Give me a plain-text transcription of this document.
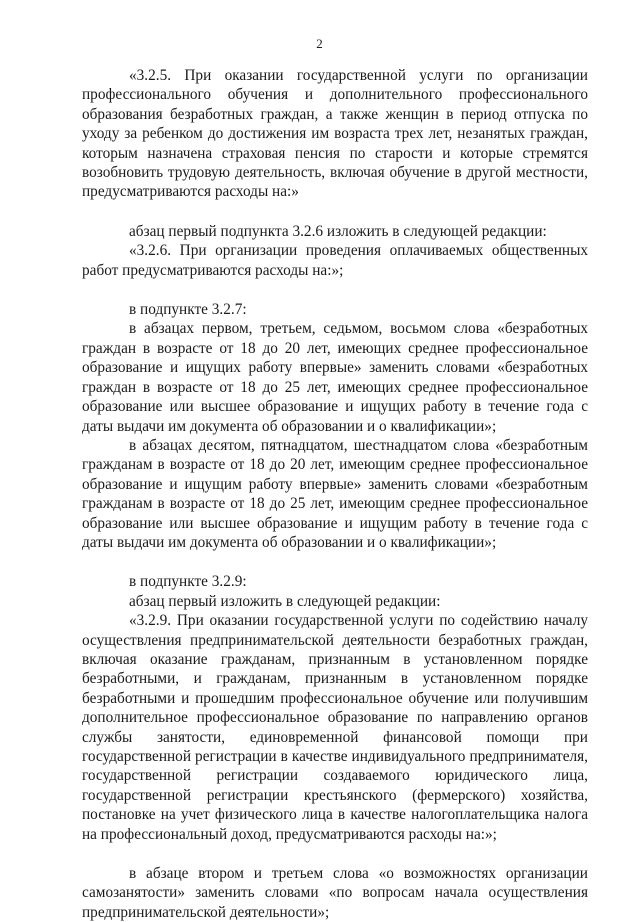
2

«3.2.5. При оказании государственной услуги по организации профессионального обучения и дополнительного профессионального образования безработных граждан, а также женщин в период отпуска по уходу за ребенком до достижения им возраста трех лет, незанятых граждан, которым назначена страховая пенсия по старости и которые стремятся возобновить трудовую деятельность, включая обучение в другой местности, предусматриваются расходы на:»

абзац первый подпункта 3.2.6 изложить в следующей редакции:

«3.2.6. При организации проведения оплачиваемых общественных работ предусматриваются расходы на:»;

в подпункте 3.2.7:

в абзацах первом, третьем, седьмом, восьмом слова «безработных граждан в возрасте от 18 до 20 лет, имеющих среднее профессиональное образование и ищущих работу впервые» заменить словами «безработных граждан в возрасте от 18 до 25 лет, имеющих среднее профессиональное образование или высшее образование и ищущих работу в течение года с даты выдачи им документа об образовании и о квалификации»;

в абзацах десятом, пятнадцатом, шестнадцатом слова «безработным гражданам в возрасте от 18 до 20 лет, имеющим среднее профессиональное образование и ищущим работу впервые» заменить словами «безработным гражданам в возрасте от 18 до 25 лет, имеющим среднее профессиональное образование или высшее образование и ищущим работу в течение года с даты выдачи им документа об образовании и о квалификации»;

в подпункте 3.2.9:

абзац первый изложить в следующей редакции:

«3.2.9. При оказании государственной услуги по содействию началу осуществления предпринимательской деятельности безработных граждан, включая оказание гражданам, признанным в установленном порядке безработными, и гражданам, признанным в установленном порядке безработными и прошедшим профессиональное обучение или получившим дополнительное профессиональное образование по направлению органов службы занятости, единовременной финансовой помощи при государственной регистрации в качестве индивидуального предпринимателя, государственной регистрации создаваемого юридического лица, государственной регистрации крестьянского (фермерского) хозяйства, постановке на учет физического лица в качестве налогоплательщика налога на профессиональный доход, предусматриваются расходы на:»;

в абзаце втором и третьем слова «о возможностях организации самозанятости» заменить словами «по вопросам начала осуществления предпринимательской деятельности»;
